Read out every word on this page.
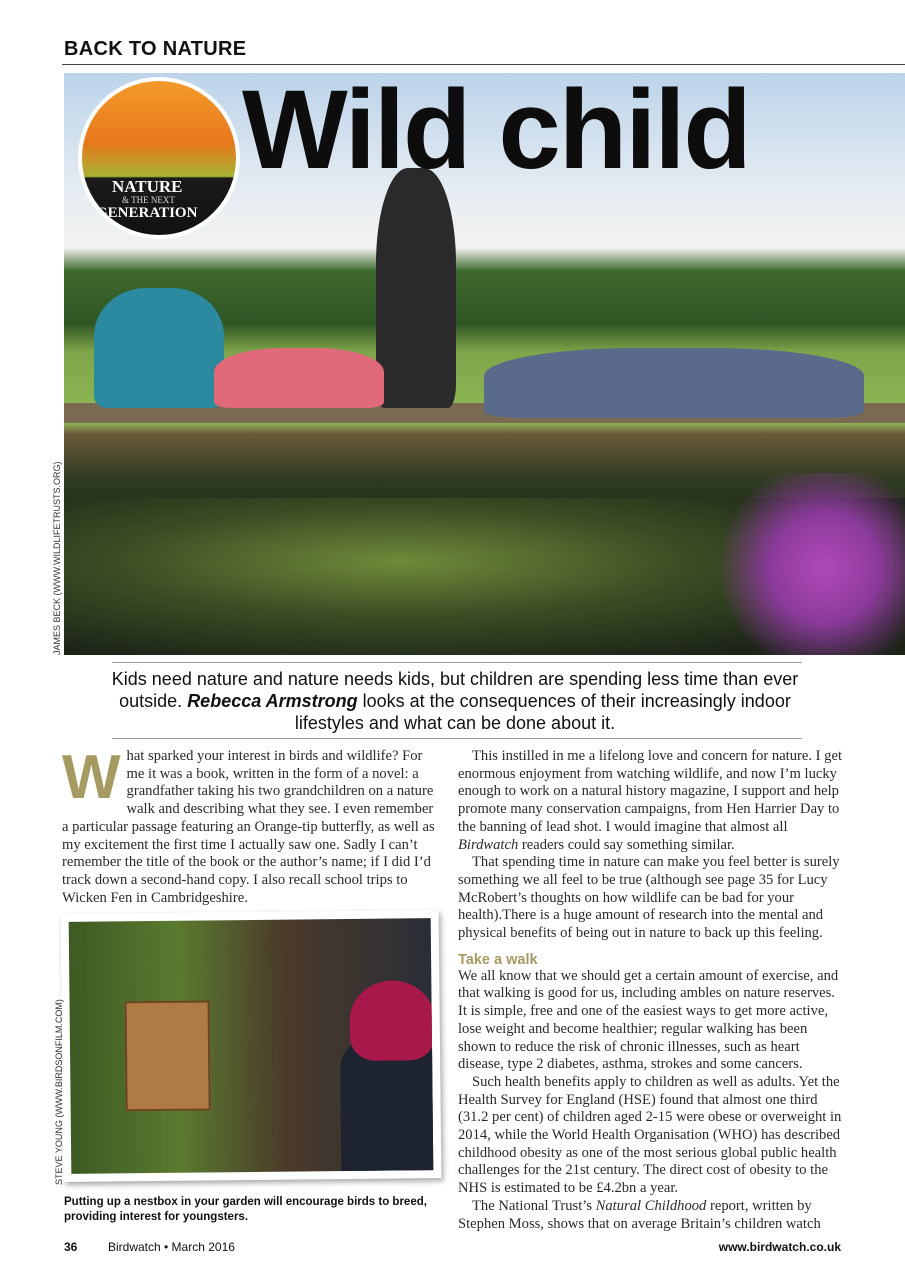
BACK TO NATURE
NATURE
& THE NEXT
GENERATION
Wild child
JAMES BECK (WWW.WILDLIFETRUSTS.ORG)
Kids need nature and nature needs kids, but children are spending less time than ever outside. Rebecca Armstrong looks at the consequences of their increasingly indoor lifestyles and what can be done about it.
W hat sparked your interest in birds and wildlife? For me it was a book, written in the form of a novel: a grandfather taking his two grandchildren on a nature walk and describing what they see. I even remember a particular passage featuring an Orange-tip butterfly, as well as my excitement the first time I actually saw one. Sadly I can’t remember the title of the book or the author’s name; if I did I’d track down a second-hand copy. I also recall school trips to Wicken Fen in Cambridgeshire.

This instilled in me a lifelong love and concern for nature. I get enormous enjoyment from watching wildlife, and now I’m lucky enough to work on a natural history magazine, I support and help promote many conservation campaigns, from Hen Harrier Day to the banning of lead shot. I would imagine that almost all Birdwatch readers could say something similar.

That spending time in nature can make you feel better is surely something we all feel to be true (although see page 35 for Lucy McRobert’s thoughts on how wildlife can be bad for your health).There is a huge amount of research into the mental and physical benefits of being out in nature to back up this feeling.

Take a walk

We all know that we should get a certain amount of exercise, and that walking is good for us, including ambles on nature reserves. It is simple, free and one of the easiest ways to get more active, lose weight and become healthier; regular walking has been shown to reduce the risk of chronic illnesses, such as heart disease, type 2 diabetes, asthma, strokes and some cancers.

Such health benefits apply to children as well as adults. Yet the Health Survey for England (HSE) found that almost one third (31.2 per cent) of children aged 2-15 were obese or overweight in 2014, while the World Health Organisation (WHO) has described childhood obesity as one of the most serious global public health challenges for the 21st century. The direct cost of obesity to the NHS is estimated to be £4.2bn a year.

The National Trust’s Natural Childhood report, written by Stephen Moss, shows that on average Britain’s children watch

STEVE YOUNG (WWW.BIRDSONFILM.COM)
Putting up a nestbox in your garden will encourage birds to breed, providing interest for youngsters.
36	Birdwatch • March 2016	www.birdwatch.co.uk
